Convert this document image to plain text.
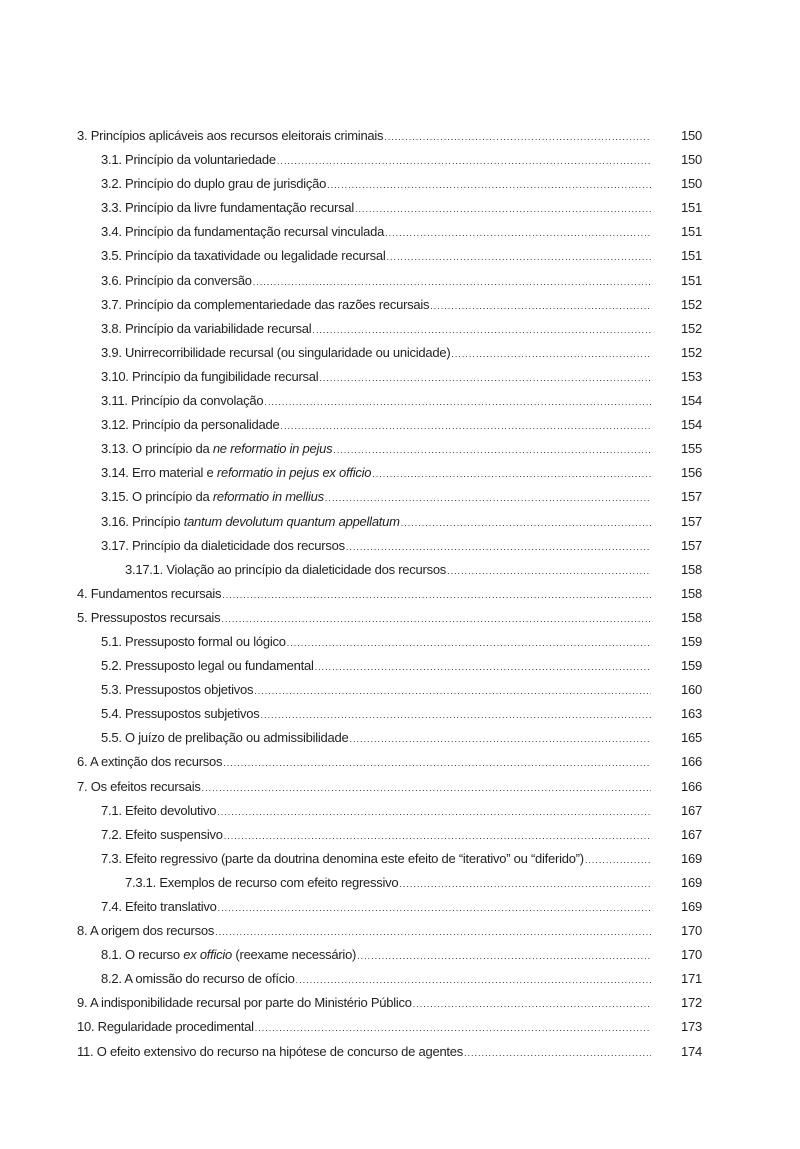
3. Princípios aplicáveis aos recursos eleitorais criminais .....	150
3.1. Princípio da voluntariedade .....	150
3.2. Princípio do duplo grau de jurisdição .....	150
3.3. Princípio da livre fundamentação recursal .....	151
3.4. Princípio da fundamentação recursal vinculada .....	151
3.5. Princípio da taxatividade ou legalidade recursal .....	151
3.6. Princípio da conversão .....	151
3.7. Princípio da complementariedade das razões recursais .....	152
3.8. Princípio da variabilidade recursal .....	152
3.9. Unirrecorribilidade recursal (ou singularidade ou unicidade) .....	152
3.10. Princípio da fungibilidade recursal .....	153
3.11. Princípio da convolação .....	154
3.12. Princípio da personalidade .....	154
3.13. O princípio da ne reformatio in pejus .....	155
3.14. Erro material e reformatio in pejus ex officio .....	156
3.15. O princípio da reformatio in mellius .....	157
3.16. Princípio tantum devolutum quantum appellatum .....	157
3.17. Princípio da dialeticidade dos recursos .....	157
3.17.1. Violação ao princípio da dialeticidade dos recursos .....	158
4. Fundamentos recursais .....	158
5. Pressupostos recursais .....	158
5.1. Pressuposto formal ou lógico .....	159
5.2. Pressuposto legal ou fundamental .....	159
5.3. Pressupostos objetivos .....	160
5.4. Pressupostos subjetivos .....	163
5.5. O juízo de prelibação ou admissibilidade .....	165
6. A extinção dos recursos .....	166
7. Os efeitos recursais .....	166
7.1. Efeito devolutivo .....	167
7.2. Efeito suspensivo .....	167
7.3. Efeito regressivo (parte da doutrina denomina este efeito de “iterativo” ou “diferido”) .....	169
7.3.1. Exemplos de recurso com efeito regressivo .....	169
7.4. Efeito translativo .....	169
8. A origem dos recursos .....	170
8.1. O recurso ex officio (reexame necessário) .....	170
8.2. A omissão do recurso de ofício .....	171
9. A indisponibilidade recursal por parte do Ministério Público .....	172
10. Regularidade procedimental .....	173
11. O efeito extensivo do recurso na hipótese de concurso de agentes .....	174
